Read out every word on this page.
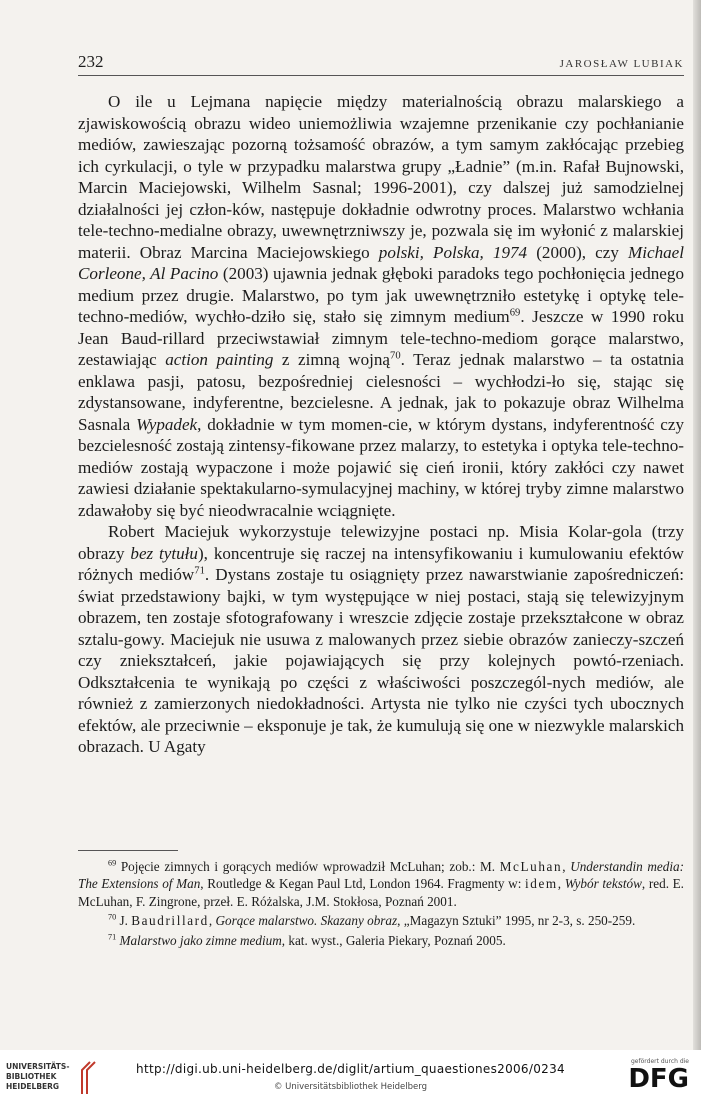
232	JAROSŁAW LUBIAK

O ile u Lejmana napięcie między materialnością obrazu malarskiego a zjawiskowością obrazu wideo uniemożliwia wzajemne przenikanie czy pochłanianie mediów, zawieszając pozorną tożsamość obrazów, a tym samym zakłócając przebieg ich cyrkulacji, o tyle w przypadku malarstwa grupy „Ładnie” (m.in. Rafał Bujnowski, Marcin Maciejowski, Wilhelm Sasnal; 1996-2001), czy dalszej już samodzielnej działalności jej człon-ków, następuje dokładnie odwrotny proces. Malarstwo wchłania tele-techno-medialne obrazy, uwewnętrzniwszy je, pozwala się im wyłonić z malarskiej materii. Obraz Marcina Maciejowskiego polski, Polska, 1974 (2000), czy Michael Corleone, Al Pacino (2003) ujawnia jednak głęboki paradoks tego pochłonięcia jednego medium przez drugie. Malarstwo, po tym jak uwewnętrzniło estetykę i optykę tele-techno-mediów, wychło-dziło się, stało się zimnym medium$^{69}$. Jeszcze w 1990 roku Jean Baud-rillard przeciwstawiał zimnym tele-techno-mediom gorące malarstwo, zestawiając action painting z zimną wojną$^{70}$. Teraz jednak malarstwo – ta ostatnia enklawa pasji, patosu, bezpośredniej cielesności – wychłodzi-ło się, stając się zdystansowane, indyferentne, bezcielesne. A jednak, jak to pokazuje obraz Wilhelma Sasnala Wypadek, dokładnie w tym momen-cie, w którym dystans, indyferentność czy bezcielesność zostają zintensy-fikowane przez malarzy, to estetyka i optyka tele-techno-mediów zostają wypaczone i może pojawić się cień ironii, który zakłóci czy nawet zawiesi działanie spektakularno-symulacyjnej machiny, w której tryby zimne malarstwo zdawałoby się być nieodwracalnie wciągnięte.

Robert Maciejuk wykorzystuje telewizyjne postaci np. Misia Kolar-gola (trzy obrazy bez tytułu), koncentruje się raczej na intensyfikowaniu i kumulowaniu efektów różnych mediów$^{71}$. Dystans zostaje tu osiągnięty przez nawarstwianie zapośredniczeń: świat przedstawiony bajki, w tym występujące w niej postaci, stają się telewizyjnym obrazem, ten zostaje sfotografowany i wreszcie zdjęcie zostaje przekształcone w obraz sztalu-gowy. Maciejuk nie usuwa z malowanych przez siebie obrazów zanieczy-szczeń czy zniekształceń, jakie pojawiających się przy kolejnych powtó-rzeniach. Odkształcenia te wynikają po części z właściwości poszczegól-nych mediów, ale również z zamierzonych niedokładności. Artysta nie tylko nie czyści tych ubocznych efektów, ale przeciwnie – eksponuje je tak, że kumulują się one w niezwykle malarskich obrazach. U Agaty

$^{69}$ Pojęcie zimnych i gorących mediów wprowadził McLuhan; zob.: M. McLuhan, Understandin media: The Extensions of Man, Routledge & Kegan Paul Ltd, London 1964. Fragmenty w: idem, Wybór tekstów, red. E. McLuhan, F. Zingrone, przeł. E. Różalska, J.M. Stokłosa, Poznań 2001.

$^{70}$ J. Baudrillard, Gorące malarstwo. Skazany obraz, „Magazyn Sztuki” 1995, nr 2-3, s. 250-259.

$^{71}$ Malarstwo jako zimne medium, kat. wyst., Galeria Piekary, Poznań 2005.

UNIVERSITÄTS-
BIBLIOTHEK
HEIDELBERG
http://digi.ub.uni-heidelberg.de/diglit/artium_quaestiones2006/0234
© Universitätsbibliothek Heidelberg
gefördert durch die
DFG
